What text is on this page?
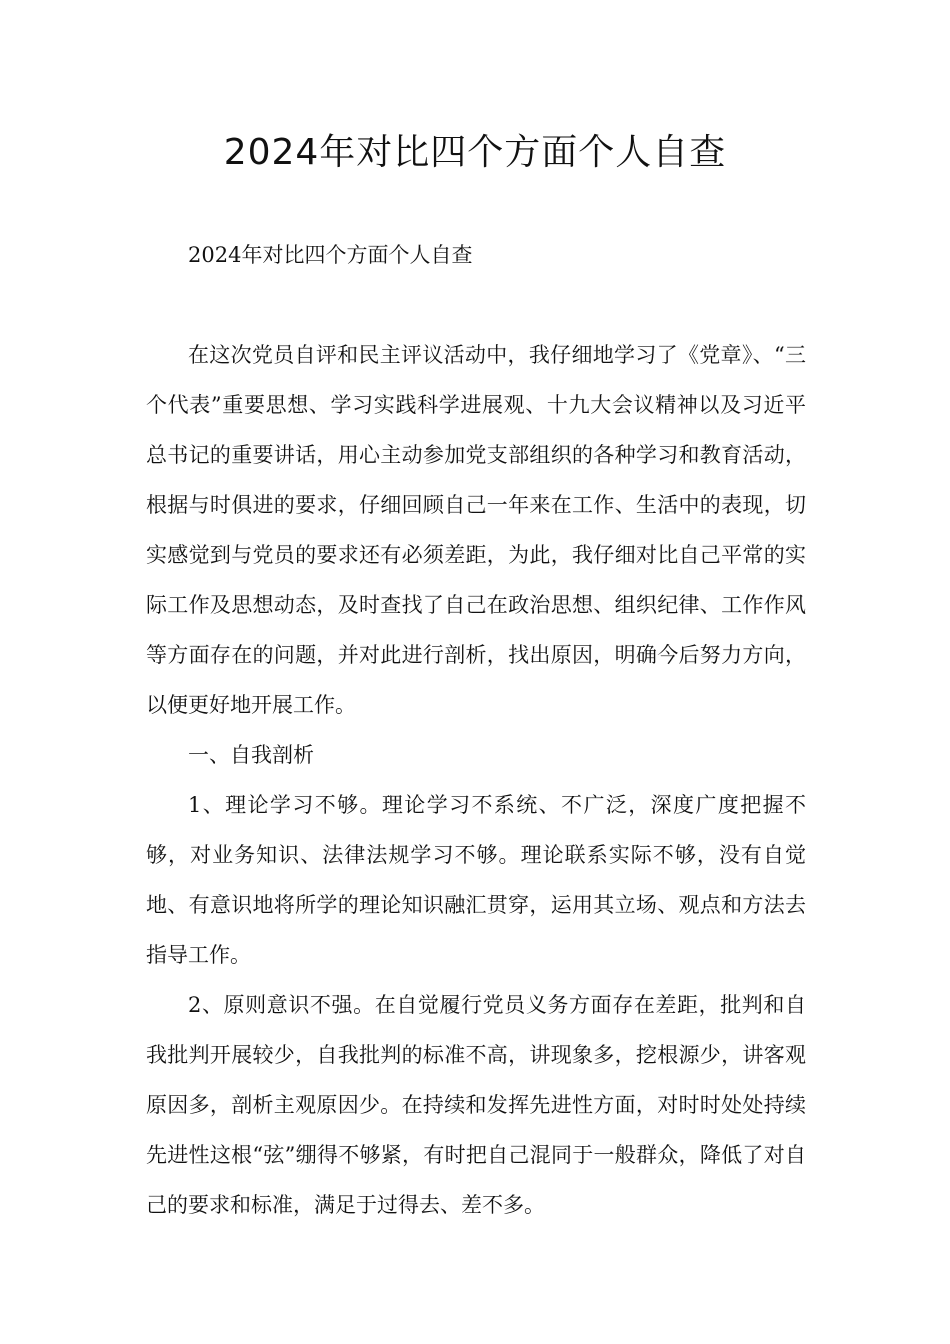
2024年对比四个方面个人自查

2024年对比四个方面个人自查

在这次党员自评和民主评议活动中，我仔细地学习了《党章》、“三个代表”重要思想、学习实践科学进展观、十九大会议精神以及习近平总书记的重要讲话，用心主动参加党支部组织的各种学习和教育活动，根据与时俱进的要求，仔细回顾自己一年来在工作、生活中的表现，切实感觉到与党员的要求还有必须差距，为此，我仔细对比自己平常的实际工作及思想动态，及时查找了自己在政治思想、组织纪律、工作作风等方面存在的问题，并对此进行剖析，找出原因，明确今后努力方向，以便更好地开展工作。

一、自我剖析

1、理论学习不够。理论学习不系统、不广泛，深度广度把握不够，对业务知识、法律法规学习不够。理论联系实际不够，没有自觉地、有意识地将所学的理论知识融汇贯穿，运用其立场、观点和方法去指导工作。

2、原则意识不强。在自觉履行党员义务方面存在差距，批判和自我批判开展较少，自我批判的标准不高，讲现象多，挖根源少，讲客观原因多，剖析主观原因少。在持续和发挥先进性方面，对时时处处持续先进性这根“弦”绷得不够紧，有时把自己混同于一般群众，降低了对自己的要求和标准，满足于过得去、差不多。
